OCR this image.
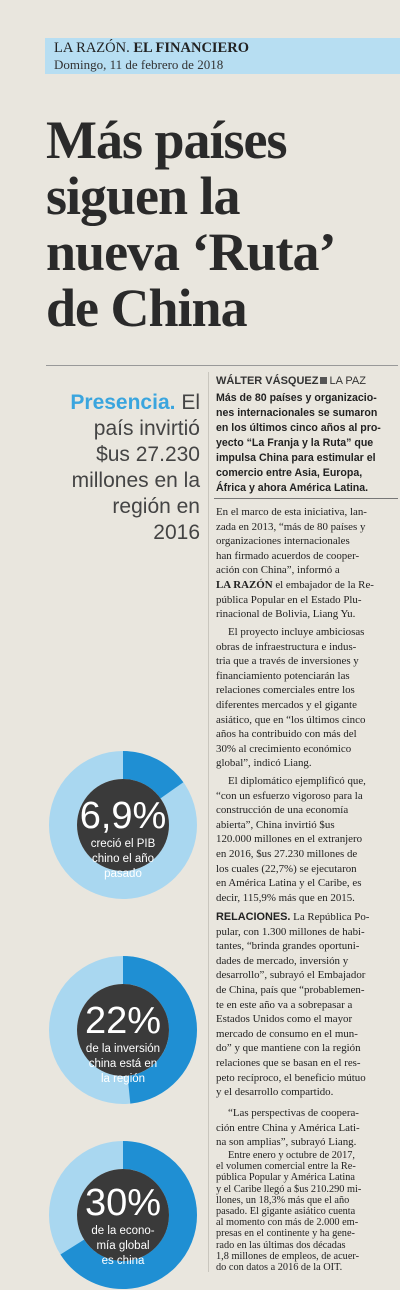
LA RAZÓN. EL FINANCIERO
Domingo, 11 de febrero de 2018
Más países
siguen la
nueva ‘Ruta’
de China
WÁLTER VÁSQUEZ LA PAZ
Más de 80 países y organizacio-
nes internacionales se sumaron
en los últimos cinco años al pro-
yecto “La Franja y la Ruta” que
impulsa China para estimular el
comercio entre Asia, Europa,
África y ahora América Latina.
Presencia. El
país invirtió
$us 27.230
millones en la
región en
2016
En el marco de esta iniciativa, lan-
zada en 2013, “más de 80 países y
organizaciones internacionales
han firmado acuerdos de cooper-
ación con China”, informó a
LA RAZÓN el embajador de la Re-
pública Popular en el Estado Plu-
rinacional de Bolivia, Liang Yu.
El proyecto incluye ambiciosas
obras de infraestructura e indus-
tria que a través de inversiones y
financiamiento potenciarán las
relaciones comerciales entre los
diferentes mercados y el gigante
asiático, que en “los últimos cinco
años ha contribuido con más del
30% al crecimiento económico
global”, indicó Liang.
El diplomático ejemplificó que,
“con un esfuerzo vigoroso para la
construcción de una economía
abierta”, China invirtió $us
120.000 millones en el extranjero
en 2016, $us 27.230 millones de
los cuales (22,7%) se ejecutaron
en América Latina y el Caribe, es
decir, 115,9% más que en 2015.
RELACIONES. La República Po-
pular, con 1.300 millones de habi-
tantes, “brinda grandes oportuni-
dades de mercado, inversión y
desarrollo”, subrayó el Embajador
de China, país que “probablemen-
te en este año va a sobrepasar a
Estados Unidos como el mayor
mercado de consumo en el mun-
do” y que mantiene con la región
relaciones que se basan en el res-
peto recíproco, el beneficio mútuo
y el desarrollo compartido.
“Las perspectivas de coopera-
ción entre China y América Lati-
na son amplias”, subrayó Liang.
Entre enero y octubre de 2017,
el volumen comercial entre la Re-
pública Popular y América Latina
y el Caribe llegó a $us 210.290 mi-
llones, un 18,3% más que el año
pasado. El gigante asiático cuenta
al momento con más de 2.000 em-
presas en el continente y ha gene-
rado en las últimas dos décadas
1,8 millones de empleos, de acuer-
do con datos a 2016 de la OIT.
6,9%
creció el PIB
chino el año
pasado
22%
de la inversión
china está en
la región
30%
de la econo-
mía global
es china
